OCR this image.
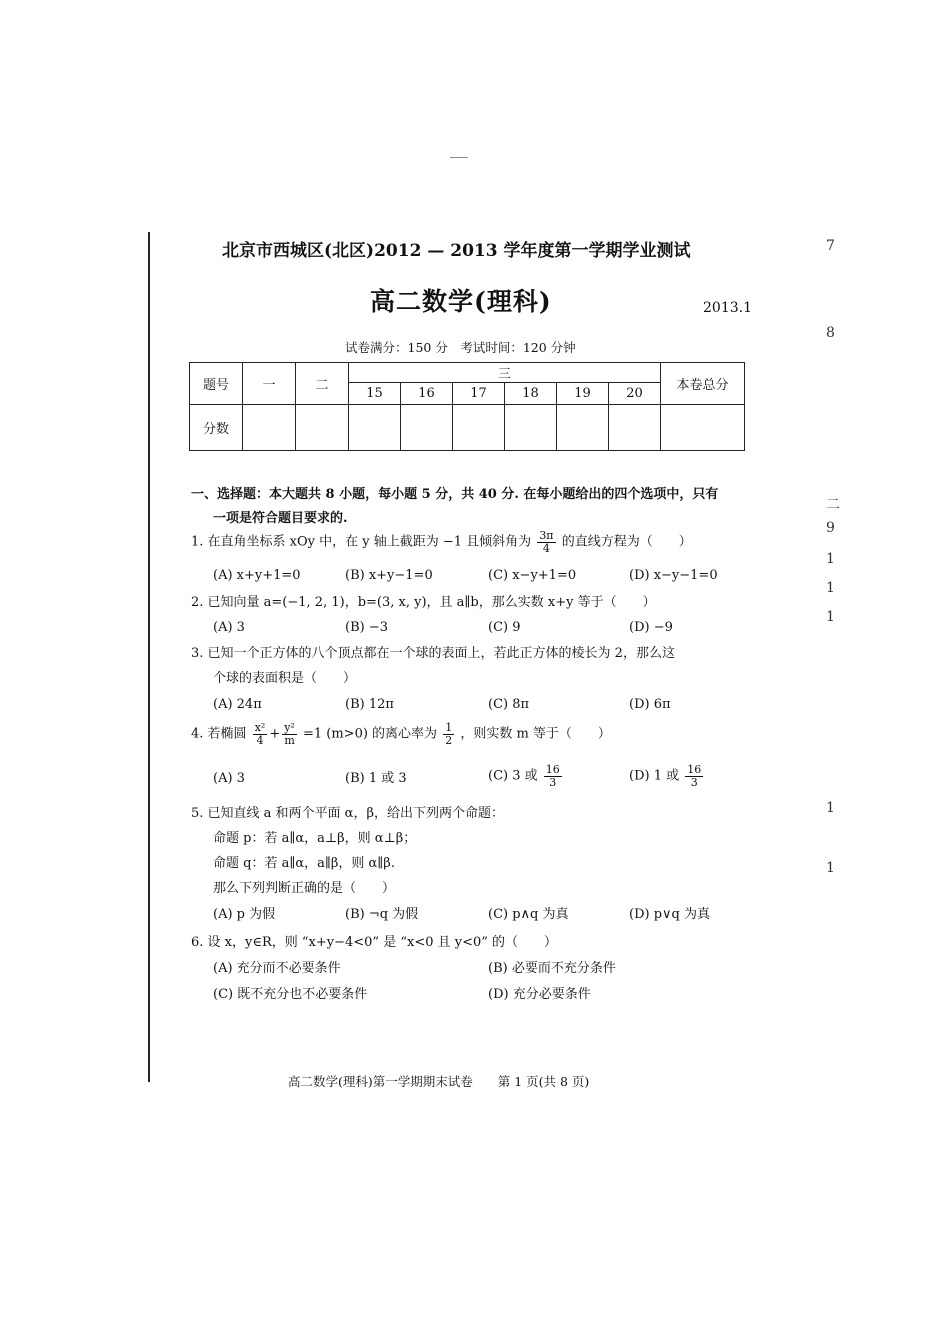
北京市西城区(北区)2012 — 2013 学年度第一学期学业测试
高二数学(理科)	2013.1
试卷满分：150 分　考试时间：120 分钟
7
8
二
9
1
1
1
1
1
题号	一	二	三						本卷总分
			15	16	17	18	19	20	
分数									
一、选择题：本大题共 8 小题，每小题 5 分，共 40 分. 在每小题给出的四个选项中，只有
一项是符合题目要求的.
1. 在直角坐标系 xOy 中，在 y 轴上截距为 −1 且倾斜角为 $\frac{3\pi}{4}$ 的直线方程为（　　）
(A) x+y+1=0	(B) x+y−1=0	(C) x−y+1=0	(D) x−y−1=0
2. 已知向量 a=(−1, 2, 1)，b=(3, x, y)，且 a∥b，那么实数 x+y 等于（　　）
(A) 3	(B) −3	(C) 9	(D) −9
3. 已知一个正方体的八个顶点都在一个球的表面上，若此正方体的棱长为 2，那么这
个球的表面积是（　　）
(A) 24π	(B) 12π	(C) 8π	(D) 6π
4. 若椭圆 $\frac{\text{x²}}{4} + \frac{\text{y²}}{m} =1$ (m>0) 的离心率为 $\frac{1}{2}$ ，则实数 m 等于（　　）
(A) 3	(B) 1 或 3	(C) 3 或 $\frac{16}{3}$	(D) 1 或 $\frac{16}{3}$
5. 已知直线 a 和两个平面 α，β，给出下列两个命题：
命题 p：若 a∥α，a⊥β，则 α⊥β；
命题 q：若 a∥α，a∥β，则 α∥β.
那么下列判断正确的是（　　）
(A) p 为假	(B) ¬q 为假	(C) p∧q 为真	(D) p∨q 为真
6. 设 x，y∈R，则 “x+y−4<0” 是 “x<0 且 y<0” 的（　　）
(A) 充分而不必要条件	(B) 必要而不充分条件
(C) 既不充分也不必要条件	(D) 充分必要条件
高二数学(理科)第一学期期末试卷　　第 1 页(共 8 页)
